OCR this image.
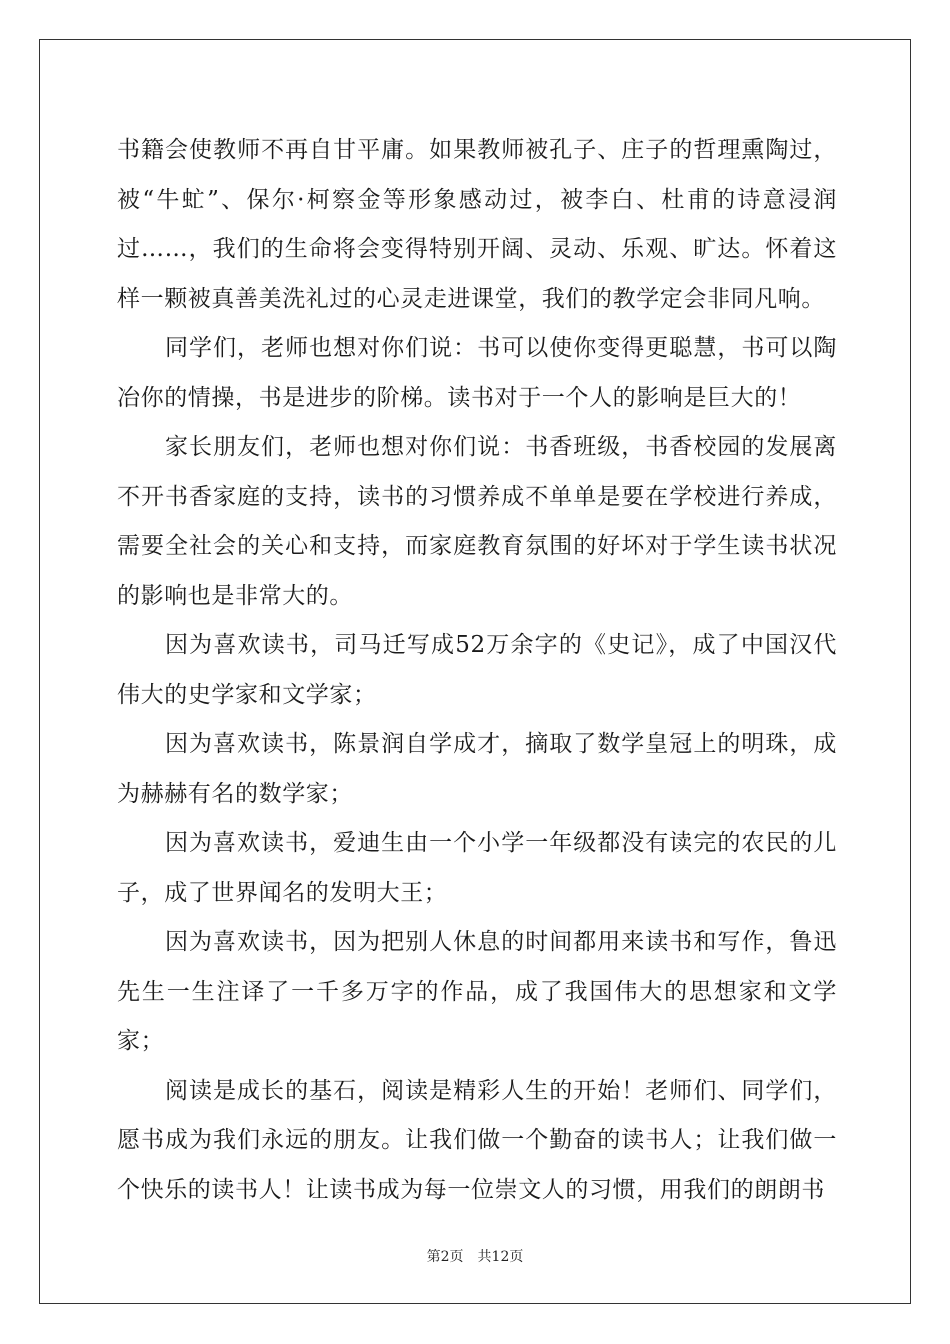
书籍会使教师不再自甘平庸。如果教师被孔子、庄子的哲理熏陶过，被“牛虻”、保尔·柯察金等形象感动过，被李白、杜甫的诗意浸润过……，我们的生命将会变得特别开阔、灵动、乐观、旷达。怀着这样一颗被真善美洗礼过的心灵走进课堂，我们的教学定会非同凡响。

同学们，老师也想对你们说：书可以使你变得更聪慧，书可以陶冶你的情操，书是进步的阶梯。读书对于一个人的影响是巨大的！

家长朋友们，老师也想对你们说：书香班级，书香校园的发展离不开书香家庭的支持，读书的习惯养成不单单是要在学校进行养成，需要全社会的关心和支持，而家庭教育氛围的好坏对于学生读书状况的影响也是非常大的。

因为喜欢读书，司马迁写成52万余字的《史记》，成了中国汉代伟大的史学家和文学家；

因为喜欢读书，陈景润自学成才，摘取了数学皇冠上的明珠，成为赫赫有名的数学家；

因为喜欢读书，爱迪生由一个小学一年级都没有读完的农民的儿子，成了世界闻名的发明大王；

因为喜欢读书，因为把别人休息的时间都用来读书和写作，鲁迅先生一生注译了一千多万字的作品，成了我国伟大的思想家和文学家；

阅读是成长的基石，阅读是精彩人生的开始！老师们、同学们，愿书成为我们永远的朋友。让我们做一个勤奋的读书人；让我们做一个快乐的读书人！让读书成为每一位崇文人的习惯，用我们的朗朗书

第2页　共12页
